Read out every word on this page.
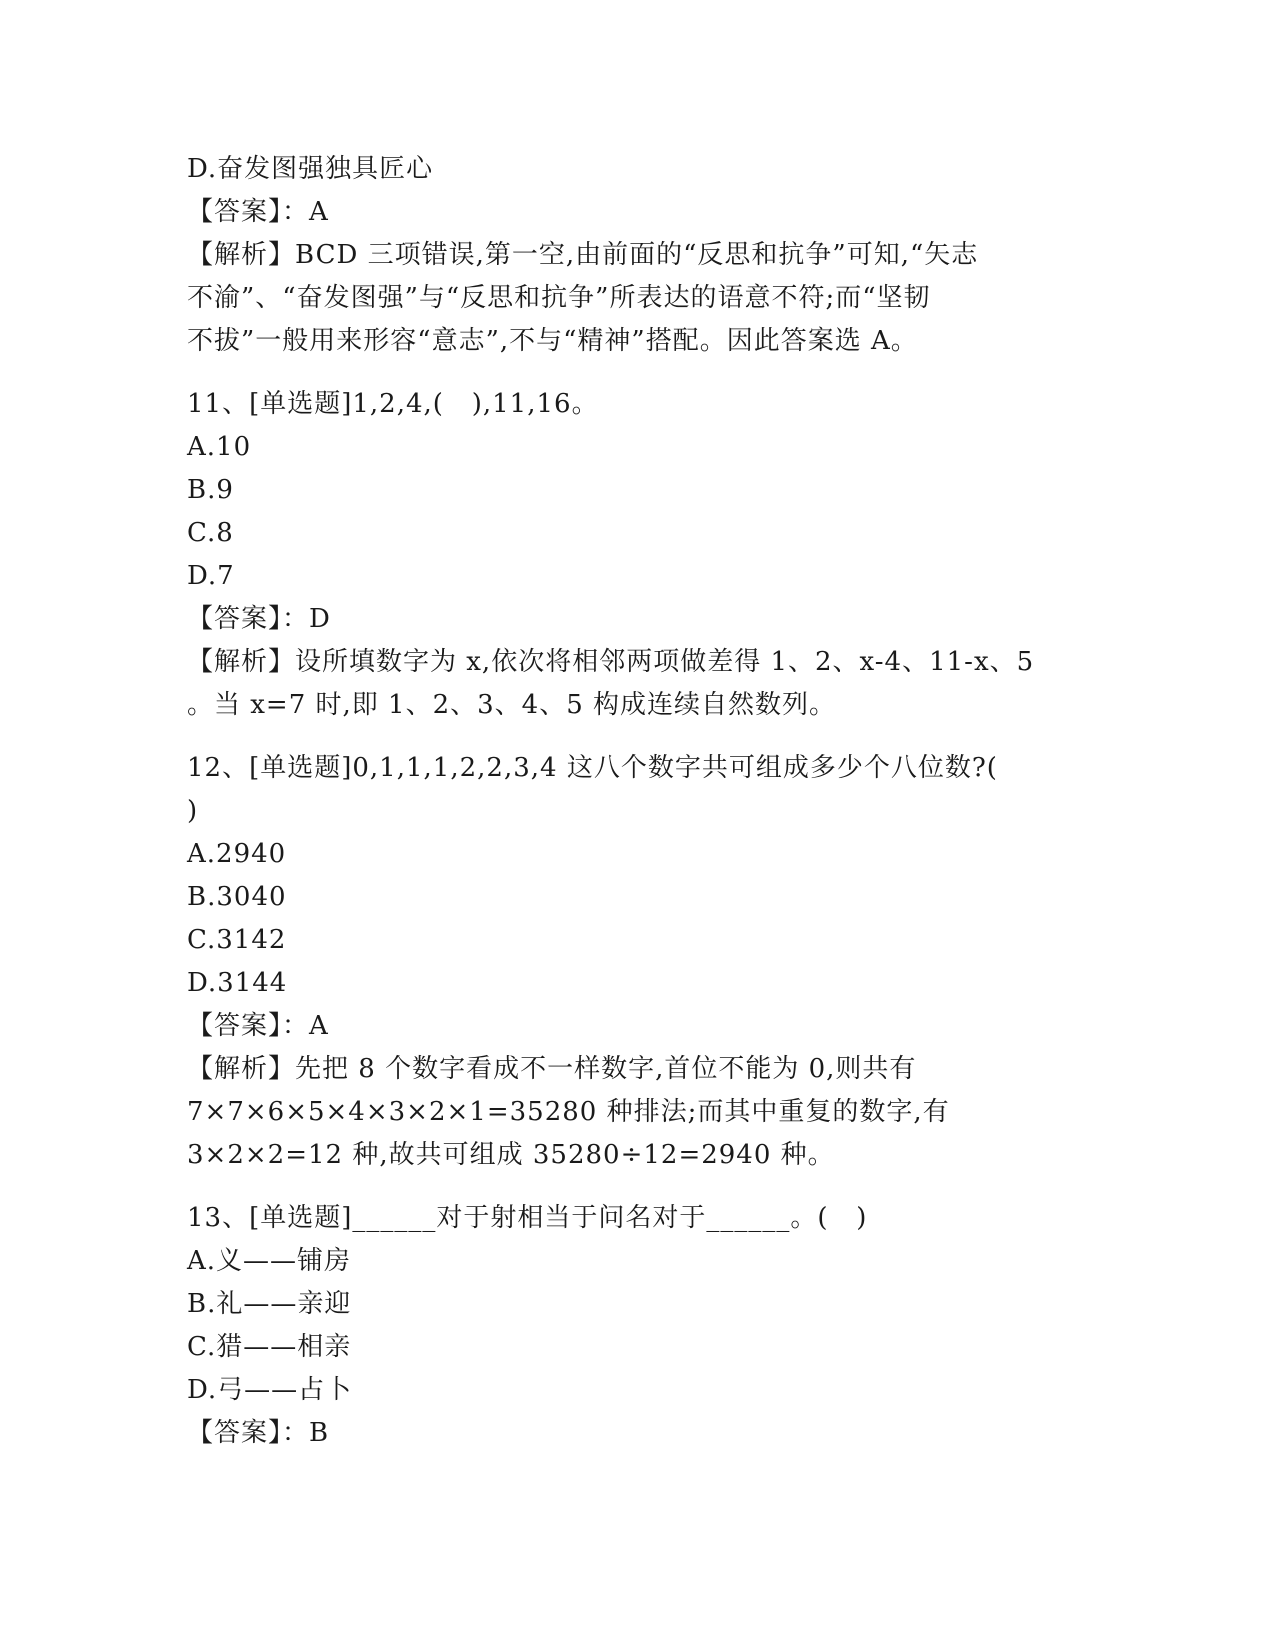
D.奋发图强独具匠心
【答案】：A
【解析】BCD 三项错误,第一空,由前面的“反思和抗争”可知,“矢志
不渝”、“奋发图强”与“反思和抗争”所表达的语意不符;而“坚韧
不拔”一般用来形容“意志”,不与“精神”搭配。因此答案选 A。
11、[单选题]1,2,4,(   ),11,16。
A.10
B.9
C.8
D.7
【答案】：D
【解析】设所填数字为 x,依次将相邻两项做差得 1、2、x-4、11-x、5
。当 x=7 时,即 1、2、3、4、5 构成连续自然数列。
12、[单选题]0,1,1,1,2,2,3,4 这八个数字共可组成多少个八位数?(
)
A.2940
B.3040
C.3142
D.3144
【答案】：A
【解析】先把 8 个数字看成不一样数字,首位不能为 0,则共有
7×7×6×5×4×3×2×1=35280 种排法;而其中重复的数字,有
3×2×2=12 种,故共可组成 35280÷12=2940 种。
13、[单选题]______对于射相当于问名对于______。(   )
A.义——铺房
B.礼——亲迎
C.猎——相亲
D.弓——占卜
【答案】：B
